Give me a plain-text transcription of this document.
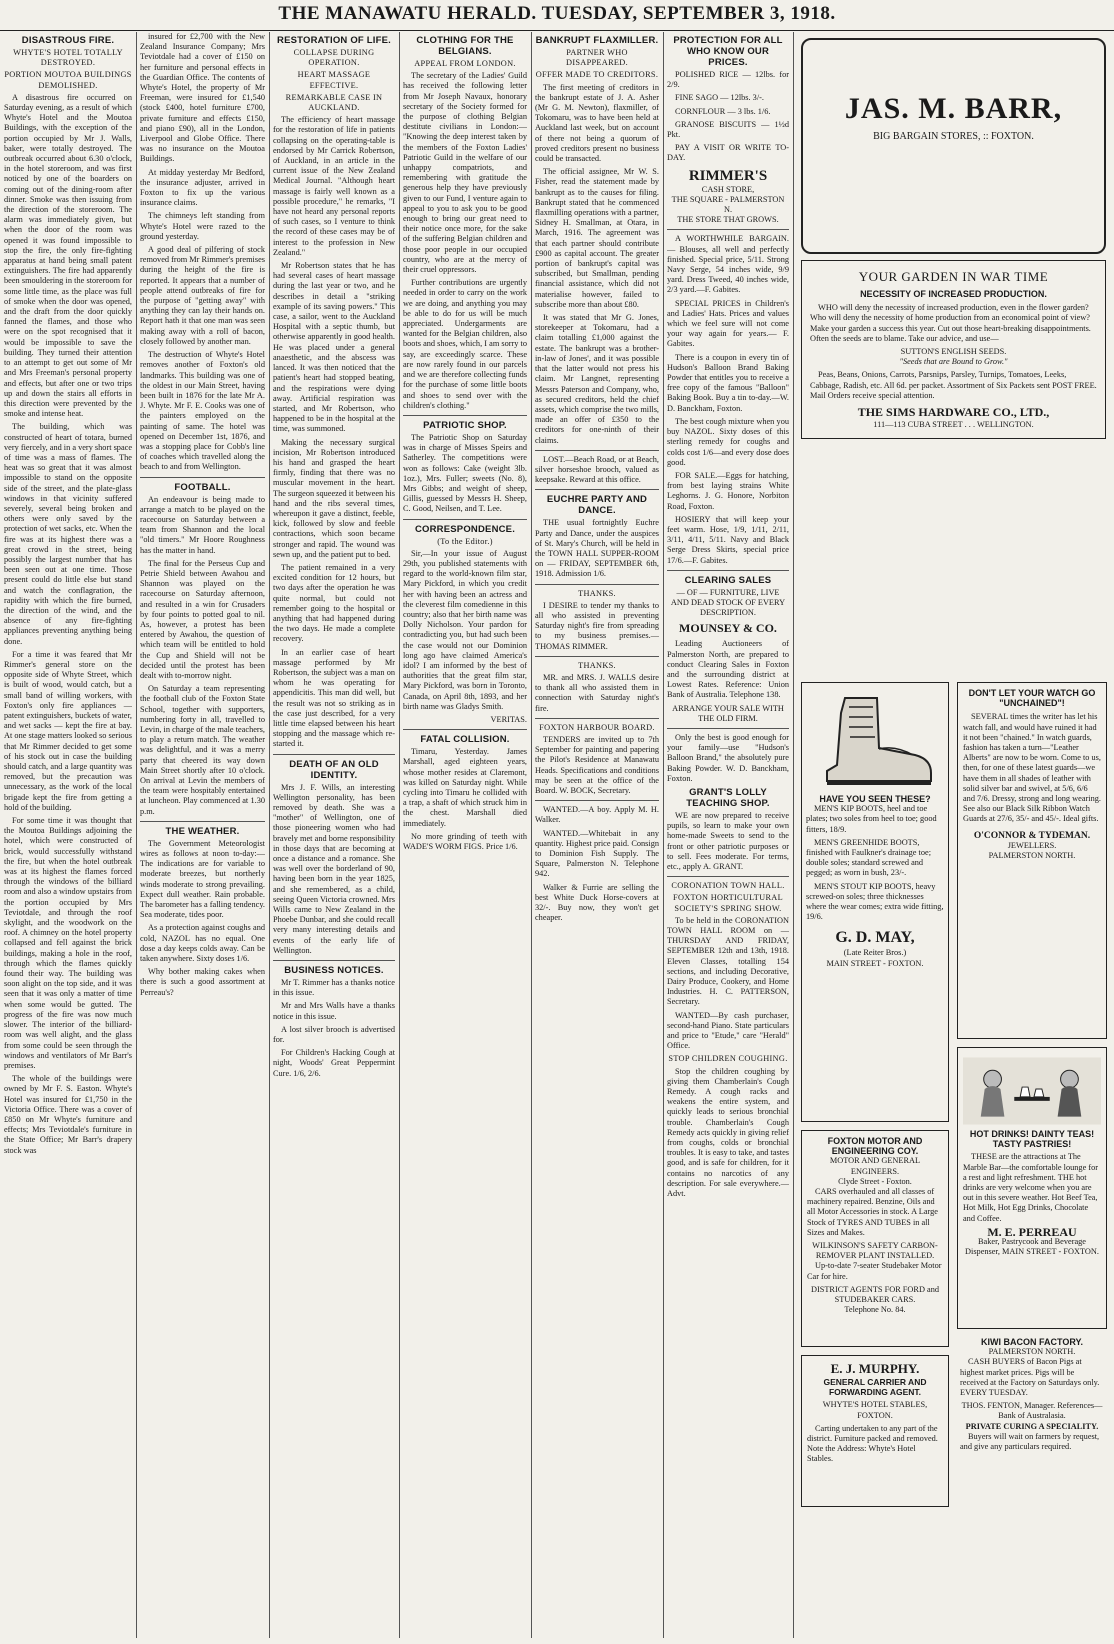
THE MANAWATU HERALD. TUESDAY, SEPTEMBER 3, 1918.
DISASTROUS FIRE.
WHYTE'S HOTEL TOTALLY DESTROYED.
PORTION MOUTOA BUILDINGS DEMOLISHED.

A disastrous fire occurred on Saturday evening, as a result of which Whyte's Hotel and the Moutoa Buildings, with the exception of the portion occupied by Mr J. Walls, baker, were totally destroyed. The outbreak occurred about 6.30 o'clock, in the hotel storeroom, and was first noticed by one of the boarders on coming out of the dining-room after dinner. Smoke was then issuing from the direction of the storeroom. The alarm was immediately given, but when the door of the room was opened it was found impossible to stop the fire, the only fire-fighting apparatus at hand being small patent extinguishers. The fire had apparently been smouldering in the storeroom for some little time, as the place was full of smoke when the door was opened, and the draft from the door quickly fanned the flames, and those who were on the spot recognised that it would be impossible to save the building. They turned their attention to an attempt to get out some of Mr and Mrs Freeman's personal property and effects, but after one or two trips up and down the stairs all efforts in this direction were prevented by the smoke and intense heat.

The building, which was constructed of heart of totara, burned very fiercely, and in a very short space of time was a mass of flames. The heat was so great that it was almost impossible to stand on the opposite side of the street, and the plate-glass windows in that vicinity suffered severely, several being broken and others were only saved by the protection of wet sacks, etc. When the fire was at its highest there was a great crowd in the street, being possibly the largest number that has been seen out at one time. Those present could do little else but stand and watch the conflagration, the rapidity with which the fire burned, the direction of the wind, and the absence of any fire-fighting appliances preventing anything being done.

For a time it was feared that Mr Rimmer's general store on the opposite side of Whyte Street, which is built of wood, would catch, but a small band of willing workers, with Foxton's only fire appliances — patent extinguishers, buckets of water, and wet sacks — kept the fire at bay. At one stage matters looked so serious that Mr Rimmer decided to get some of his stock out in case the building should catch, and a large quantity was removed, but the precaution was unnecessary, as the work of the local brigade kept the fire from getting a hold of the building.

For some time it was thought that the Moutoa Buildings adjoining the hotel, which were constructed of brick, would successfully withstand the fire, but when the hotel outbreak was at its highest the flames forced through the windows of the billiard room and also a window upstairs from the portion occupied by Mrs Teviotdale, and through the roof skylight, and the woodwork on the roof. A chimney on the hotel property collapsed and fell against the brick buildings, making a hole in the roof, through which the flames quickly found their way. The building was soon alight on the top side, and it was seen that it was only a matter of time when some would be gutted. The progress of the fire was now much slower. The interior of the billiard-room was well alight, and the glass from some could be seen through the windows and ventilators of Mr Barr's premises.

The whole of the buildings were owned by Mr F. S. Easton. Whyte's Hotel was insured for £1,750 in the Victoria Office. There was a cover of £850 on Mr Whyte's furniture and effects; Mrs Teviotdale's furniture in the State Office; Mr Barr's drapery stock was

insured for £2,700 with the New Zealand Insurance Company; Mrs Teviotdale had a cover of £150 on her furniture and personal effects in the Guardian Office. The contents of Whyte's Hotel, the property of Mr Freeman, were insured for £1,540 (stock £400, hotel furniture £700, private furniture and effects £150, and piano £90), all in the London, Liverpool and Globe Office. There was no insurance on the Moutoa Buildings.

At midday yesterday Mr Bedford, the insurance adjuster, arrived in Foxton to fix up the various insurance claims.

The chimneys left standing from Whyte's Hotel were razed to the ground yesterday.

A good deal of pilfering of stock removed from Mr Rimmer's premises during the height of the fire is reported. It appears that a number of people attend outbreaks of fire for the purpose of "getting away" with anything they can lay their hands on. Report hath it that one man was seen making away with a roll of bacon, closely followed by another man.

The destruction of Whyte's Hotel removes another of Foxton's old landmarks. This building was one of the oldest in our Main Street, having been built in 1876 for the late Mr A. J. Whyte. Mr F. E. Cooks was one of the painters employed on the painting of same. The hotel was opened on December 1st, 1876, and was a stopping place for Cobb's line of coaches which travelled along the beach to and from Wellington.

FOOTBALL.

An endeavour is being made to arrange a match to be played on the racecourse on Saturday between a team from Shannon and the local "old timers." Mr Hoore Roughness has the matter in hand.

The final for the Perseus Cup and Petrie Shield between Awahou and Shannon was played on the racecourse on Saturday afternoon, and resulted in a win for Crusaders by four points to potted goal to nil. As, however, a protest has been entered by Awahou, the question of which team will be entitled to hold the Cup and Shield will not be decided until the protest has been dealt with to-morrow night.

On Saturday a team representing the football club of the Foxton State School, together with supporters, numbering forty in all, travelled to Levin, in charge of the male teachers, to play a return match. The weather was delightful, and it was a merry party that cheered its way down Main Street shortly after 10 o'clock. On arrival at Levin the members of the team were hospitably entertained at luncheon. Play commenced at 1.30 p.m.

THE WEATHER.

The Government Meteorologist wires as follows at noon to-day:— The indications are for variable to moderate breezes, but northerly winds moderate to strong prevailing. Expect dull weather. Rain probable. The barometer has a falling tendency. Sea moderate, tides poor.

As a protection against coughs and cold, NAZOL has no equal. One dose a day keeps colds away. Can be taken anywhere. Sixty doses 1/6.

Why bother making cakes when there is such a good assortment at Perreau's?

RESTORATION OF LIFE.
COLLAPSE DURING OPERATION.
HEART MASSAGE EFFECTIVE.
REMARKABLE CASE IN AUCKLAND.

The efficiency of heart massage for the restoration of life in patients collapsing on the operating-table is endorsed by Mr Carrick Robertson, of Auckland, in an article in the current issue of the New Zealand Medical Journal. "Although heart massage is fairly well known as a possible procedure," he remarks, "I have not heard any personal reports of such cases, so I venture to think the record of these cases may be of interest to the profession in New Zealand."

Mr Robertson states that he has had several cases of heart massage during the last year or two, and he describes in detail a "striking example of its saving powers." This case, a sailor, went to the Auckland Hospital with a septic thumb, but otherwise apparently in good health. He was placed under a general anaesthetic, and the abscess was lanced. It was then noticed that the patient's heart had stopped beating, and the respirations were dying away. Artificial respiration was started, and Mr Robertson, who happened to be in the hospital at the time, was summoned.

Making the necessary surgical incision, Mr Robertson introduced his hand and grasped the heart firmly, finding that there was no muscular movement in the heart. The surgeon squeezed it between his hand and the ribs several times, whereupon it gave a distinct, feeble, kick, followed by slow and feeble contractions, which soon became stronger and rapid. The wound was sewn up, and the patient put to bed.

The patient remained in a very excited condition for 12 hours, but two days after the operation he was quite normal, but could not remember going to the hospital or anything that had happened during the two days. He made a complete recovery.

In an earlier case of heart massage performed by Mr Robertson, the subject was a man on whom he was operating for appendicitis. This man did well, but the result was not so striking as in the case just described, for a very little time elapsed between his heart stopping and the massage which re-started it.

DEATH OF AN OLD IDENTITY.

Mrs J. F. Wills, an interesting Wellington personality, has been removed by death. She was a "mother" of Wellington, one of those pioneering women who had bravely met and borne responsibility in those days that are becoming at once a distance and a romance. She was well over the borderland of 90, having been born in the year 1825, and she remembered, as a child, seeing Queen Victoria crowned. Mrs Wills came to New Zealand in the Phoebe Dunbar, and she could recall very many interesting details and events of the early life of Wellington.

BUSINESS NOTICES.

Mr T. Rimmer has a thanks notice in this issue.

Mr and Mrs Walls have a thanks notice in this issue.

A lost silver brooch is advertised for.

For Children's Hacking Cough at night, Woods' Great Peppermint Cure. 1/6, 2/6.

CLOTHING FOR THE BELGIANS.
APPEAL FROM LONDON.

The secretary of the Ladies' Guild has received the following letter from Mr Joseph Navaux, honorary secretary of the Society formed for the purpose of clothing Belgian destitute civilians in London:— "Knowing the deep interest taken by the members of the Foxton Ladies' Patriotic Guild in the welfare of our unhappy compatriots, and remembering with gratitude the generous help they have previously given to our Fund, I venture again to appeal to you to ask you to be good enough to bring our great need to their notice once more, for the sake of the suffering Belgian children and those poor people in our occupied country, who are at the mercy of their cruel oppressors.

Further contributions are urgently needed in order to carry on the work we are doing, and anything you may be able to do for us will be much appreciated. Undergarments are wanted for the Belgian children, also boots and shoes, which, I am sorry to say, are exceedingly scarce. These are now rarely found in our parcels and we are therefore collecting funds for the purchase of some little boots and shoes to send over with the children's clothing."

PATRIOTIC SHOP.

The Patriotic Shop on Saturday was in charge of Misses Speirs and Satherley. The competitions were won as follows: Cake (weight 3lb. 1oz.), Mrs. Fuller; sweets (No. 8), Mrs Gibbs; and weight of sheep, Gillis, guessed by Messrs H. Sheep, C. Good, Neilsen, and T. Lee.

CORRESPONDENCE.
(To the Editor.)

Sir,—In your issue of August 29th, you published statements with regard to the world-known film star, Mary Pickford, in which you credit her with having been an actress and the cleverest film comedienne in this country; also that her birth name was Dolly Nicholson. Your pardon for contradicting you, but had such been the case would not our Dominion long ago have claimed America's idol? I am informed by the best of authorities that the great film star, Mary Pickford, was born in Toronto, Canada, on April 8th, 1893, and her birth name was Gladys Smith.

VERITAS.

FATAL COLLISION.

Timaru, Yesterday. James Marshall, aged eighteen years, whose mother resides at Claremont, was killed on Saturday night. While cycling into Timaru he collided with a trap, a shaft of which struck him in the chest. Marshall died immediately.

No more grinding of teeth with WADE'S WORM FIGS. Price 1/6.

BANKRUPT FLAXMILLER.
PARTNER WHO DISAPPEARED.
OFFER MADE TO CREDITORS.

The first meeting of creditors in the bankrupt estate of J. A. Asher (Mr G. M. Newton), flaxmiller, of Tokomaru, was to have been held at Auckland last week, but on account of there not being a quorum of proved creditors present no business could be transacted.

The official assignee, Mr W. S. Fisher, read the statement made by bankrupt as to the causes for filing. Bankrupt stated that he commenced flaxmilling operations with a partner, Sidney H. Smallman, at Otara, in March, 1916. The agreement was that each partner should contribute £900 as capital account. The greater portion of bankrupt's capital was subscribed, but Smallman, pending financial assistance, which did not materialise however, failed to subscribe more than about £80.

It was stated that Mr G. Jones, storekeeper at Tokomaru, had a claim totalling £1,000 against the estate. The bankrupt was a brother-in-law of Jones', and it was possible that the latter would not press his claim. Mr Langnet, representing Messrs Paterson and Company, who, as secured creditors, held the chief assets, which comprise the two mills, made an offer of £350 to the creditors for one-ninth of their claims.

LOST.—Beach Road, or at Beach, silver horseshoe brooch, valued as keepsake. Reward at this office.

EUCHRE PARTY AND DANCE.

THE usual fortnightly Euchre Party and Dance, under the auspices of St. Mary's Church, will be held in the TOWN HALL SUPPER-ROOM on — FRIDAY, SEPTEMBER 6th, 1918. Admission 1/6.

THANKS.

I DESIRE to tender my thanks to all who assisted in preventing Saturday night's fire from spreading to my business premises.— THOMAS RIMMER.

THANKS.

MR. and MRS. J. WALLS desire to thank all who assisted them in connection with Saturday night's fire.

FOXTON HARBOUR BOARD.

TENDERS are invited up to 7th September for painting and papering the Pilot's Residence at Manawatu Heads. Specifications and conditions may be seen at the office of the Board. W. BOCK, Secretary.

WANTED.—A boy. Apply M. H. Walker.

WANTED.—Whitebait in any quantity. Highest price paid. Consign to Dominion Fish Supply. The Square, Palmerston N. Telephone 942.

Walker & Furrie are selling the best White Duck Horse-covers at 32/-. Buy now, they won't get cheaper.

PROTECTION FOR ALL WHO KNOW OUR PRICES.

POLISHED RICE — 12lbs. for 2/9.

FINE SAGO — 12lbs. 3/-.

CORNFLOUR — 3 lbs. 1/6.

GRANOSE BISCUITS — 1½d Pkt.

PAY A VISIT OR WRITE TO-DAY.

RIMMER'S
CASH STORE,
THE SQUARE - PALMERSTON N.
THE STORE THAT GROWS.

A WORTHWHILE BARGAIN.— Blouses, all well and perfectly finished. Special price, 5/11. Strong Navy Serge, 54 inches wide, 9/9 yard. Dress Tweed, 40 inches wide, 2/3 yard.—F. Gabites.

SPECIAL PRICES in Children's and Ladies' Hats. Prices and values which we feel sure will not come your way again for years.— F. Gabites.

There is a coupon in every tin of Hudson's Balloon Brand Baking Powder that entitles you to receive a free copy of the famous "Balloon" Baking Book. Buy a tin to-day.—W. D. Banckham, Foxton.

The best cough mixture when you buy NAZOL. Sixty doses of this sterling remedy for coughs and colds cost 1/6—and every dose does good.

FOR SALE.—Eggs for hatching, from best laying strains White Leghorns. J. G. Honore, Norbiton Road, Foxton.

HOSIERY that will keep your feet warm. Hose, 1/9, 1/11, 2/11, 3/11, 4/11, 5/11. Navy and Black Serge Dress Skirts, special price 17/6.—F. Gabites.

CLEARING SALES
— OF — FURNITURE, LIVE AND DEAD STOCK OF EVERY DESCRIPTION.
MOUNSEY & CO.

Leading Auctioneers of Palmerston North, are prepared to conduct Clearing Sales in Foxton and the surrounding district at Lowest Rates. Reference: Union Bank of Australia. Telephone 138.

ARRANGE YOUR SALE WITH THE OLD FIRM.

Only the best is good enough for your family—use "Hudson's Balloon Brand," the absolutely pure Baking Powder. W. D. Banckham, Foxton.

GRANT'S LOLLY TEACHING SHOP.

WE are now prepared to receive pupils, so learn to make your own home-made Sweets to send to the front or other patriotic purposes or to sell. Fees moderate. For terms, etc., apply A. GRANT.

CORONATION TOWN HALL.
FOXTON HORTICULTURAL SOCIETY'S SPRING SHOW.

To be held in the CORONATION TOWN HALL ROOM on — THURSDAY AND FRIDAY, SEPTEMBER 12th and 13th, 1918. Eleven Classes, totalling 154 sections, and including Decorative, Dairy Produce, Cookery, and Home Industries. H. C. PATTERSON, Secretary.

WANTED—By cash purchaser, second-hand Piano. State particulars and price to "Etude," care "Herald" Office.

STOP CHILDREN COUGHING.

Stop the children coughing by giving them Chamberlain's Cough Remedy. A cough racks and weakens the entire system, and quickly leads to serious bronchial trouble. Chamberlain's Cough Remedy acts quickly in giving relief from coughs, colds or bronchial troubles. It is easy to take, and tastes good, and is safe for children, for it contains no narcotics of any description. For sale everywhere.—Advt.

JAS. M. BARR,
BIG BARGAIN STORES, :: FOXTON.
YOUR GARDEN IN WAR TIME
NECESSITY OF INCREASED PRODUCTION.

WHO will deny the necessity of increased production, even in the flower garden? Who will deny the necessity of home production from an economical point of view? Make your garden a success this year. Cut out those heart-breaking disappointments. Often the seeds are to blame. Take our advice, and use—

SUTTON'S ENGLISH SEEDS.
"Seeds that are Bound to Grow."

Peas, Beans, Onions, Carrots, Parsnips, Parsley, Turnips, Tomatoes, Leeks, Cabbage, Radish, etc. All 6d. per packet. Assortment of Six Packets sent POST FREE. Mail Orders receive special attention.

THE SIMS HARDWARE CO., LTD.,
111—113 CUBA STREET . . . WELLINGTON.
HAVE YOU SEEN THESE?

MEN'S KIP BOOTS, heel and toe plates; two soles from heel to toe; good fitters, 18/9.

MEN'S GREENHIDE BOOTS, finished with Faulkner's drainage toe; double soles; standard screwed and pegged; as worn in bush, 23/-.

MEN'S STOUT KIP BOOTS, heavy screwed-on soles; three thicknesses where the wear comes; extra wide fitting, 19/6.

G. D. MAY,
(Late Reiter Bros.)
MAIN STREET - FOXTON.
FOXTON MOTOR AND ENGINEERING COY.
MOTOR AND GENERAL ENGINEERS.
Clyde Street - Foxton.

CARS overhauled and all classes of machinery repaired. Benzine, Oils and all Motor Accessories in stock. A Large Stock of TYRES AND TUBES in all Sizes and Makes.

WILKINSON'S SAFETY CARBON-REMOVER PLANT INSTALLED.

Up-to-date 7-seater Studebaker Motor Car for hire.

DISTRICT AGENTS FOR FORD and STUDEBAKER CARS.
Telephone No. 84.
E. J. MURPHY.
GENERAL CARRIER AND FORWARDING AGENT.
WHYTE'S HOTEL STABLES, FOXTON.

Carting undertaken to any part of the district. Furniture packed and removed. Note the Address: Whyte's Hotel Stables.

DON'T LET YOUR WATCH GO "UNCHAINED"!

SEVERAL times the writer has let his watch fall, and would have ruined it had it not been "chained." In watch guards, fashion has taken a turn—"Leather Alberts" are now to be worn. Come to us, then, for one of these latest guards—we have them in all shades of leather with solid silver bar and swivel, at 5/6, 6/6 and 7/6. Dressy, strong and long wearing. See also our Black Silk Ribbon Watch Guards at 27/6, 35/- and 45/-. Ideal gifts.

O'CONNOR & TYDEMAN.
JEWELLERS.
PALMERSTON NORTH.
HOT DRINKS! DAINTY TEAS! TASTY PASTRIES!

THESE are the attractions at The Marble Bar—the comfortable lounge for a rest and light refreshment. THE hot drinks are very welcome when you are out in this severe weather. Hot Beef Tea, Hot Milk, Hot Egg Drinks, Chocolate and Coffee.

M. E. PERREAU
Baker, Pastrycook and Beverage Dispenser, MAIN STREET - FOXTON.
KIWI BACON FACTORY.
PALMERSTON NORTH.

CASH BUYERS of Bacon Pigs at highest market prices. Pigs will be received at the Factory on Saturdays only. EVERY TUESDAY.

THOS. FENTON, Manager. References—Bank of Australasia.
PRIVATE CURING A SPECIALITY.

Buyers will wait on farmers by request, and give any particulars required.
